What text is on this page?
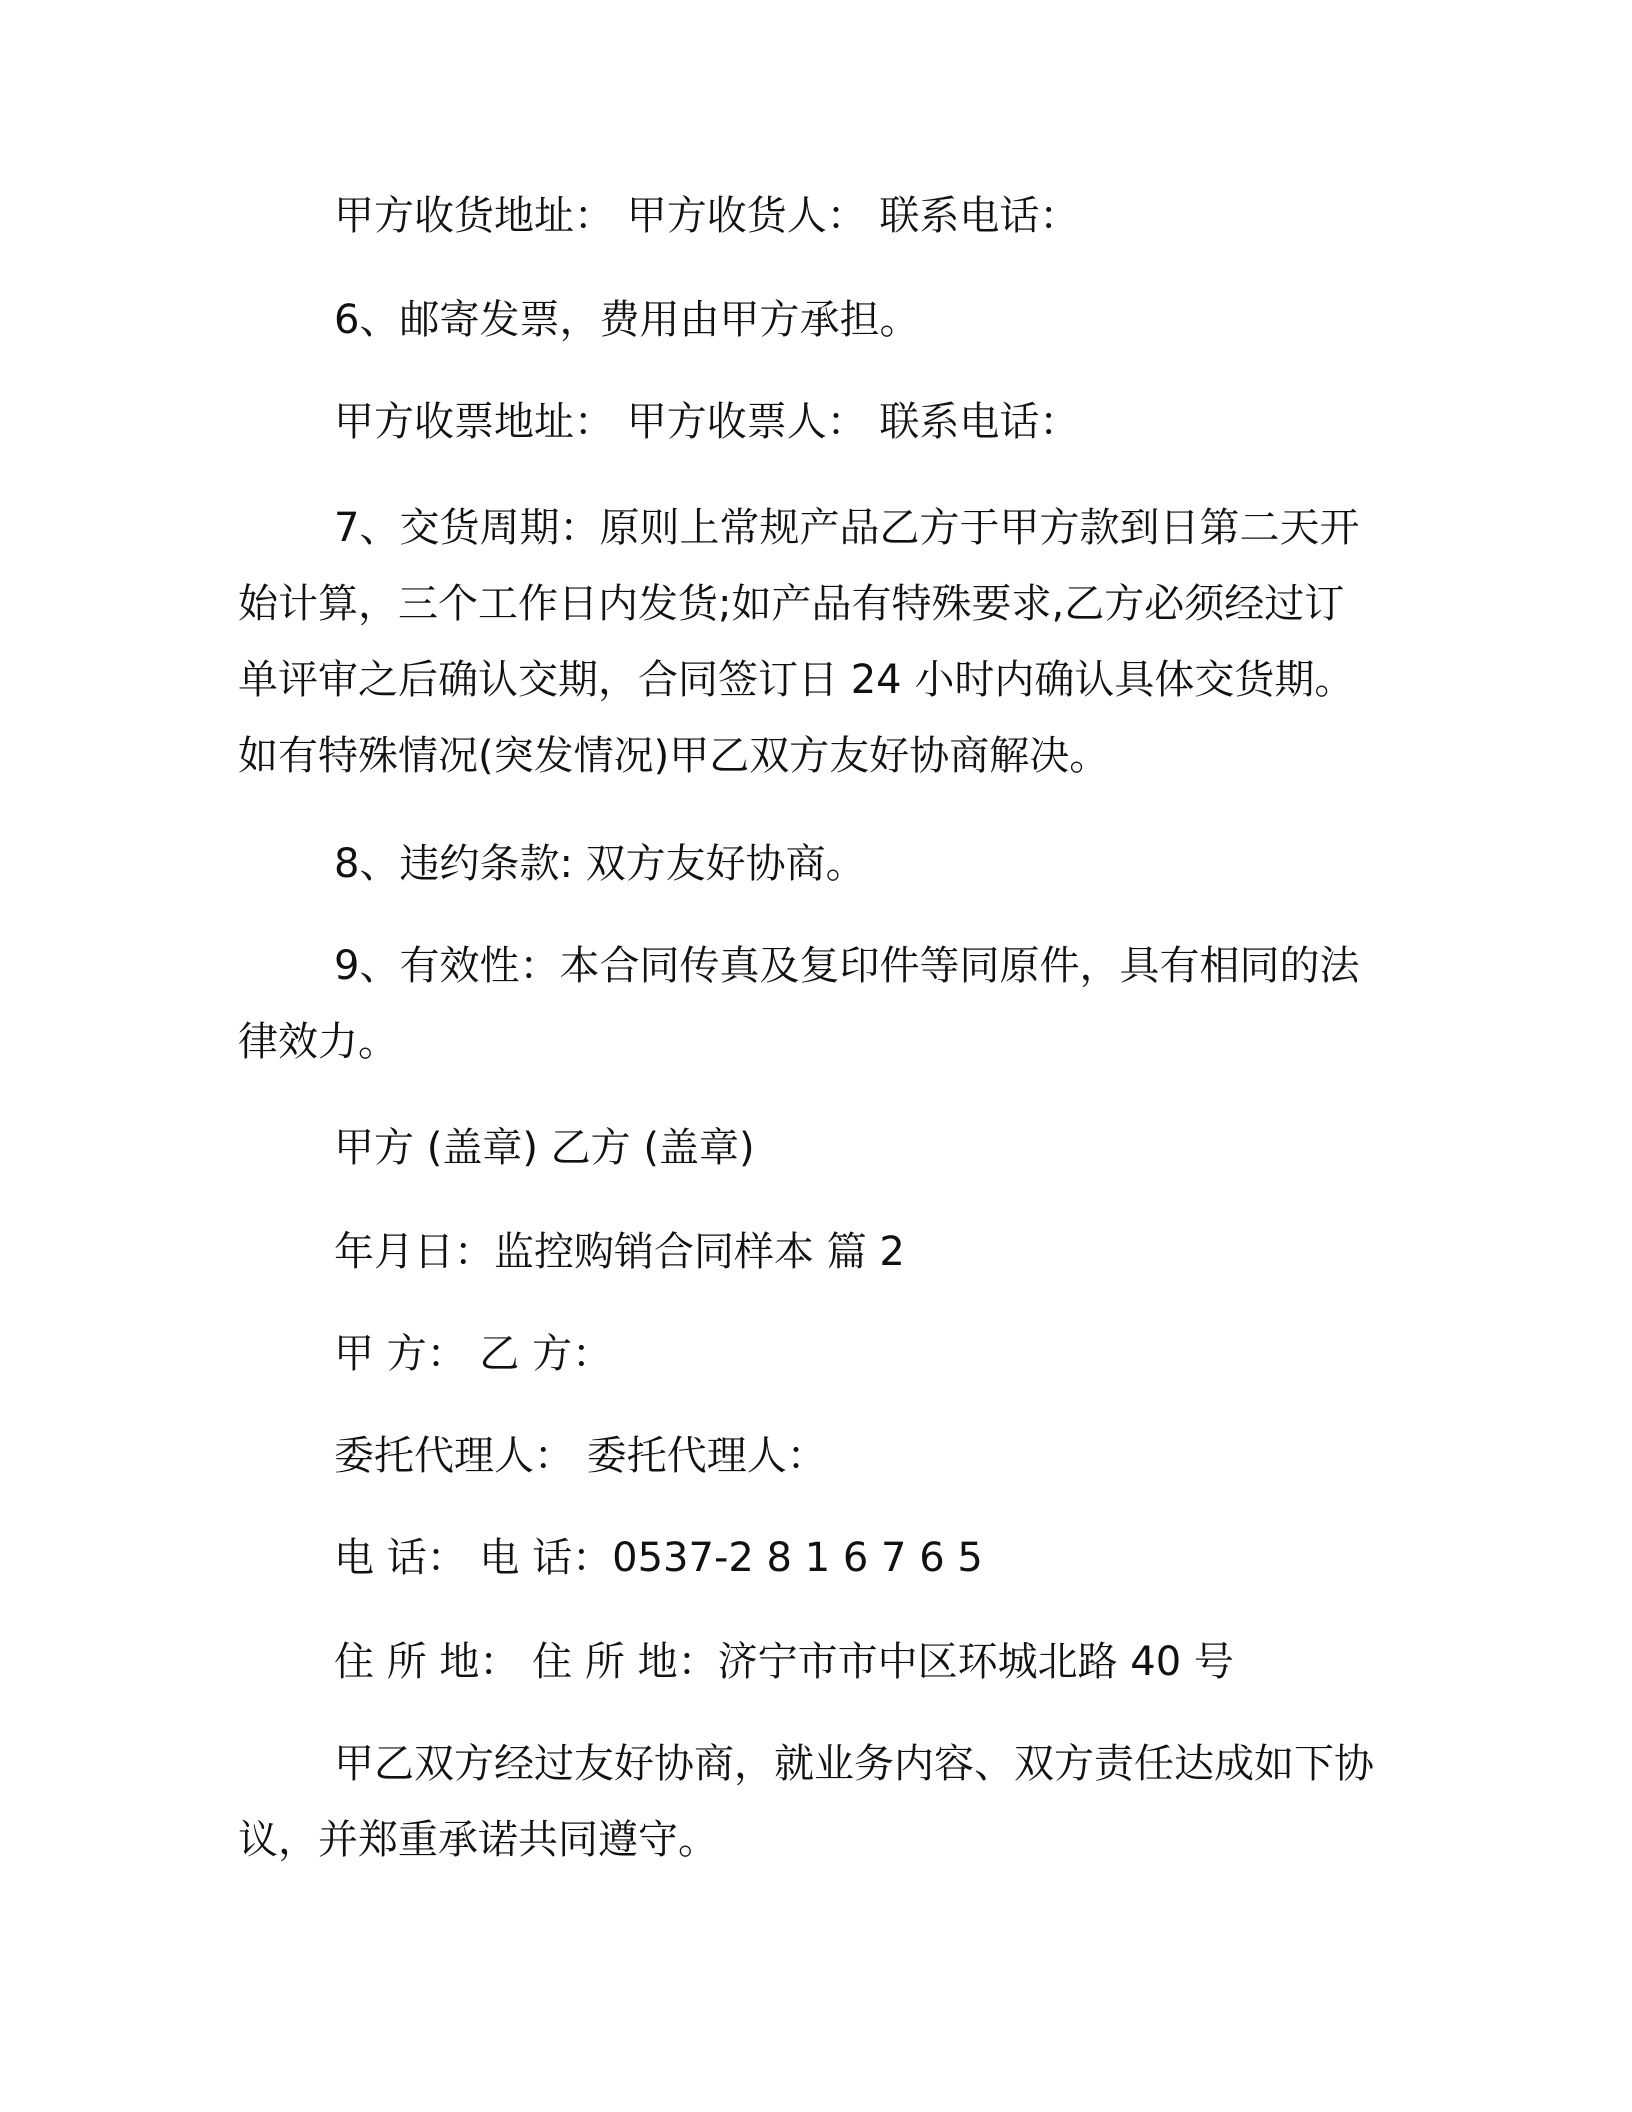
甲方收货地址： 甲方收货人： 联系电话：
6、邮寄发票，费用由甲方承担。
甲方收票地址： 甲方收票人： 联系电话：
7、交货周期：原则上常规产品乙方于甲方款到日第二天开始计算，三个工作日内发货;如产品有特殊要求,乙方必须经过订单评审之后确认交期，合同签订日 24 小时内确认具体交货期。如有特殊情况(突发情况)甲乙双方友好协商解决。
8、违约条款: 双方友好协商。
9、有效性：本合同传真及复印件等同原件，具有相同的法律效力。
甲方 (盖章) 乙方 (盖章)
年月日：监控购销合同样本 篇 2
甲 方： 乙 方：
委托代理人： 委托代理人：
电 话： 电 话：0537-2 8 1 6 7 6 5
住 所 地： 住 所 地：济宁市市中区环城北路 40 号
甲乙双方经过友好协商，就业务内容、双方责任达成如下协议，并郑重承诺共同遵守。
